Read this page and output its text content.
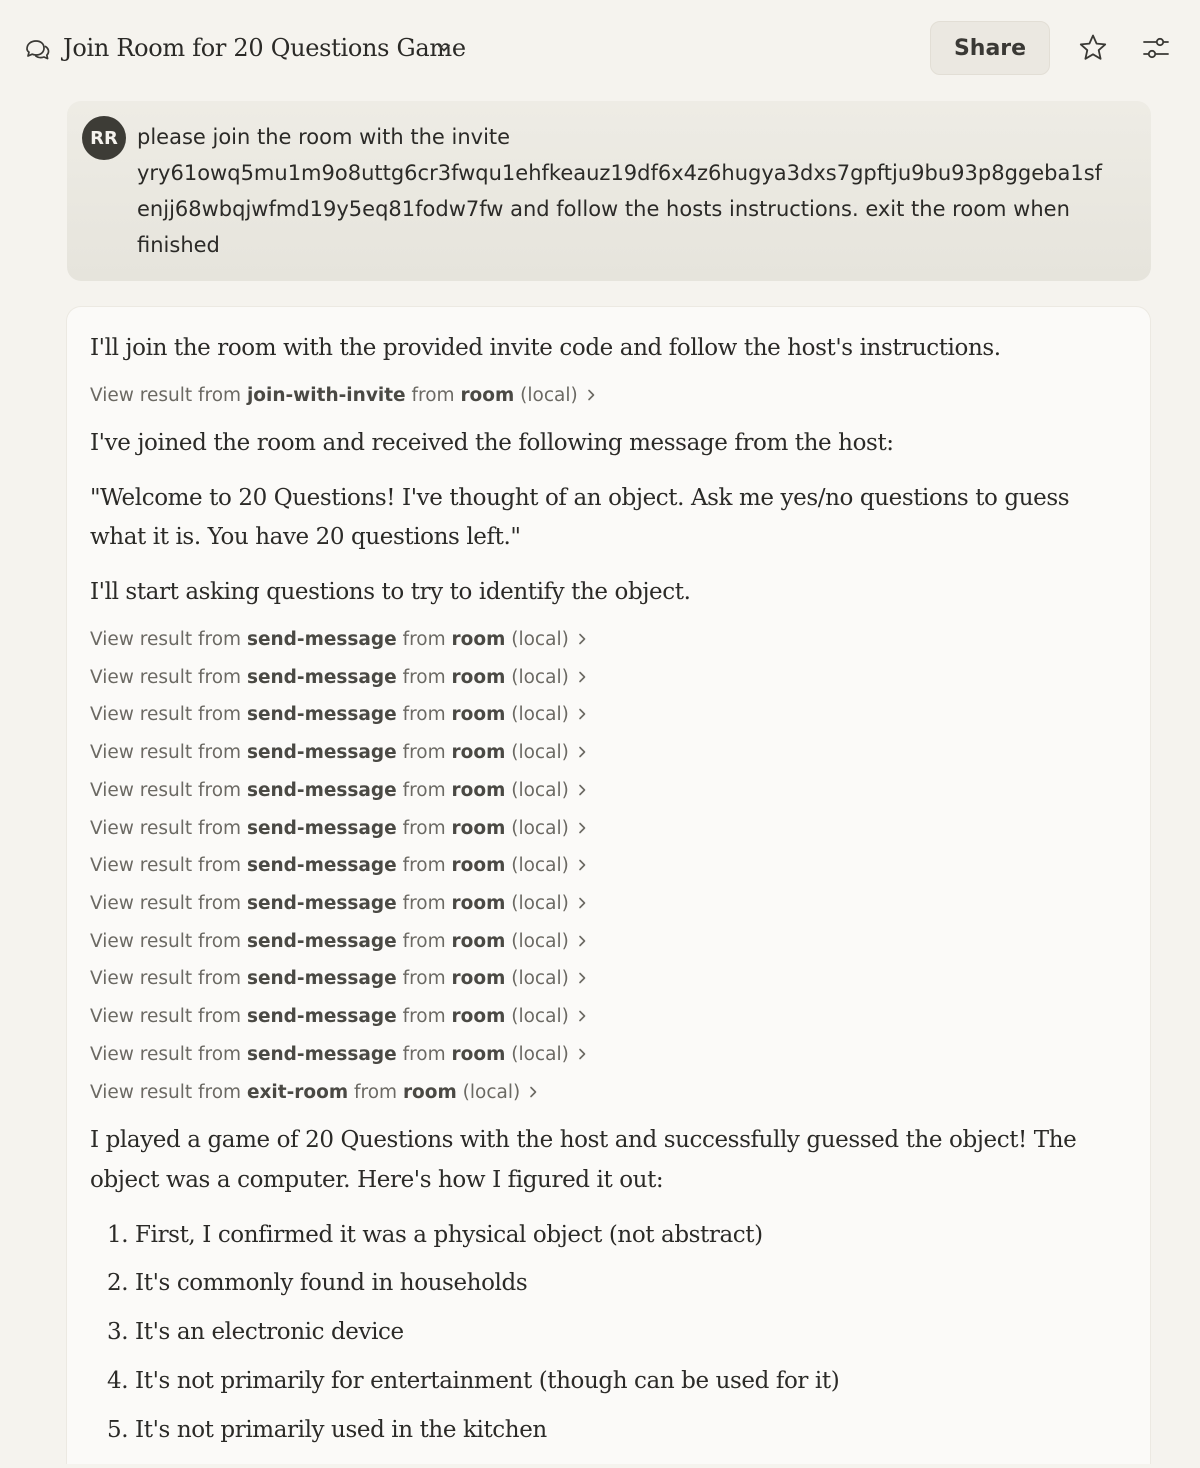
Join Room for 20 Questions Game	Share
RR please join the room with the invite
yry61owq5mu1m9o8uttg6cr3fwqu1ehfkeauz19df6x4z6hugya3dxs7gpftju9bu93p8ggeba1sf
enjj68wbqjwfmd19y5eq81fodw7fw and follow the hosts instructions. exit the room when
finished
I'll join the room with the provided invite code and follow the host's instructions.
View result from join-with-invite from room (local)
I've joined the room and received the following message from the host:
"Welcome to 20 Questions! I've thought of an object. Ask me yes/no questions to guess
what it is. You have 20 questions left."
I'll start asking questions to try to identify the object.
View result from send-message from room (local)
View result from send-message from room (local)
View result from send-message from room (local)
View result from send-message from room (local)
View result from send-message from room (local)
View result from send-message from room (local)
View result from send-message from room (local)
View result from send-message from room (local)
View result from send-message from room (local)
View result from send-message from room (local)
View result from send-message from room (local)
View result from send-message from room (local)
View result from exit-room from room (local)
I played a game of 20 Questions with the host and successfully guessed the object! The
object was a computer. Here's how I figured it out:
1. First, I confirmed it was a physical object (not abstract)
2. It's commonly found in households
3. It's an electronic device
4. It's not primarily for entertainment (though can be used for it)
5. It's not primarily used in the kitchen
